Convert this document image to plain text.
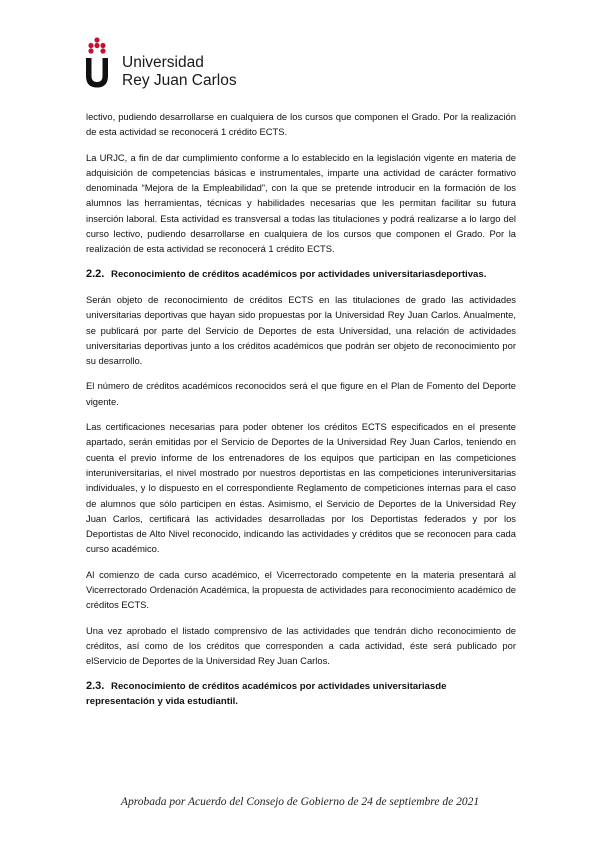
Universidad
Rey Juan Carlos

lectivo, pudiendo desarrollarse en cualquiera de los cursos que componen el Grado. Por la realización de esta actividad se reconocerá 1 crédito ECTS.

La URJC, a fin de dar cumplimiento conforme a lo establecido en la legislación vigente en materia de adquisición de competencias básicas e instrumentales, imparte una actividad de carácter formativo denominada “Mejora de la Empleabilidad”, con la que se pretende introducir en la formación de los alumnos las herramientas, técnicas y habilidades necesarias que les permitan facilitar su futura inserción laboral. Esta actividad es transversal a todas las titulaciones y podrá realizarse a lo largo del curso lectivo, pudiendo desarrollarse en cualquiera de los cursos que componen el Grado. Por la realización de esta actividad se reconocerá 1 crédito ECTS.

2.2. Reconocimiento de créditos académicos por actividades universitariasdeportivas.

Serán objeto de reconocimiento de créditos ECTS en las titulaciones de grado las actividades universitarias deportivas que hayan sido propuestas por la Universidad Rey Juan Carlos. Anualmente, se publicará por parte del Servicio de Deportes de esta Universidad, una relación de actividades universitarias deportivas junto a los créditos académicos que podrán ser objeto de reconocimiento por su desarrollo.

El número de créditos académicos reconocidos será el que figure en el Plan de Fomento del Deporte vigente.

Las certificaciones necesarias para poder obtener los créditos ECTS especificados en el presente apartado, serán emitidas por el Servicio de Deportes de la Universidad Rey Juan Carlos, teniendo en cuenta el previo informe de los entrenadores de los equipos que participan en las competiciones interuniversitarias, el nivel mostrado por nuestros deportistas en las competiciones interuniversitarias individuales, y lo dispuesto en el correspondiente Reglamento de competiciones internas para el caso de alumnos que sólo participen en éstas. Asimismo, el Servicio de Deportes de la Universidad Rey Juan Carlos, certificará las actividades desarrolladas por los Deportistas federados y por los Deportistas de Alto Nivel reconocido, indicando las actividades y créditos que se reconocen para cada curso académico.

Al comienzo de cada curso académico, el Vicerrectorado competente en la materia presentará al Vicerrectorado Ordenación Académica, la propuesta de actividades para reconocimiento académico de créditos ECTS.

Una vez aprobado el listado comprensivo de las actividades que tendrán dicho reconocimiento de créditos, así como de los créditos que corresponden a cada actividad, éste será publicado por elServicio de Deportes de la Universidad Rey Juan Carlos.

2.3. Reconocimiento de créditos académicos por actividades universitariasde representación y vida estudiantil.
Aprobada por Acuerdo del Consejo de Gobierno de 24 de septiembre de 2021
